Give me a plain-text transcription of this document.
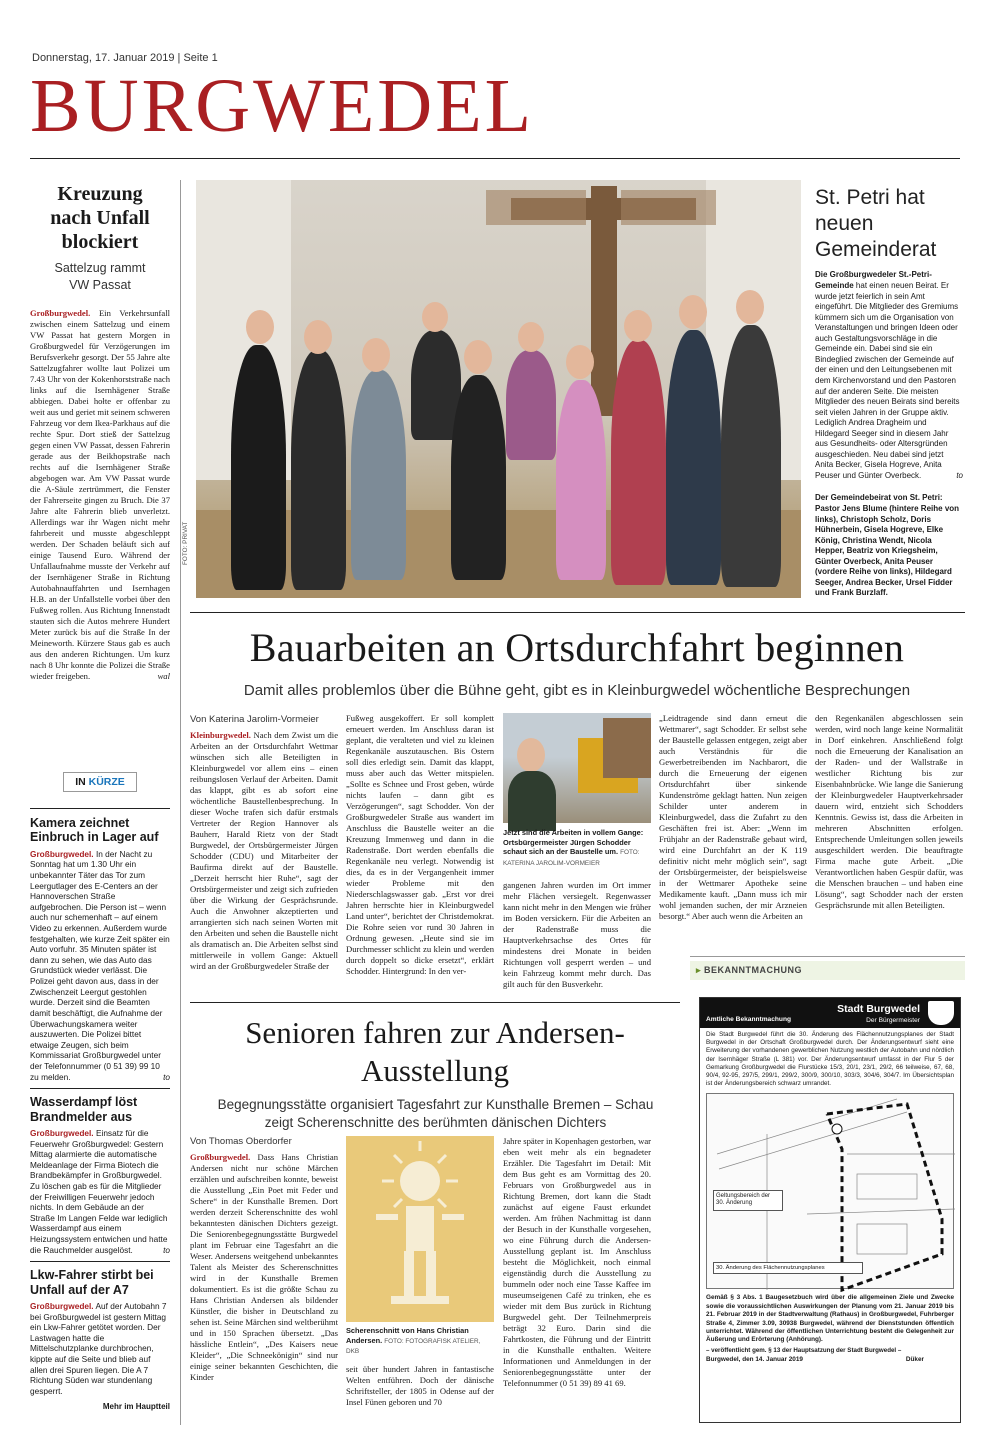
Donnerstag, 17. Januar 2019 | Seite 1
BURGWEDEL
Kreuzung nach Unfall blockiert
Sattelzug rammt VW Passat
Großburgwedel. Ein Verkehrsunfall zwischen einem Sattelzug und einem VW Passat hat gestern Morgen in Großburgwedel für Verzögerungen im Berufsverkehr gesorgt. Der 55 Jahre alte Sattelzugfahrer wollte laut Polizei um 7.43 Uhr von der Kokenhorststraße nach links auf die Isernhägener Straße abbiegen. Dabei hołte er offenbar zu weit aus und geriet mit seinem schweren Fahrzeug vor dem Ikea-Parkhaus auf die rechte Spur. Dort stieß der Sattelzug gegen einen VW Passat, dessen Fahrerin gerade aus der Beikhopstraße nach rechts auf die Isernhägener Straße abgebogen war. Am VW Passat wurde die A-Säule zertrümmert, die Fenster der Fahrerseite gingen zu Bruch. Die 37 Jahre alte Fahrerin blieb unverletzt. Allerdings war ihr Wagen nicht mehr fahrbereit und musste abgeschleppt werden. Der Schaden beläuft sich auf einige Tausend Euro. Während der Unfallaufnahme musste der Verkehr auf der Isernhägener Straße in Richtung Autobahnauffahrten und Isernhagen H.B. an der Unfallstelle vorbei über den Fußweg rollen. Aus Richtung Innenstadt stauten sich die Autos mehrere Hundert Meter zurück bis auf die Straße In der Meineworth. Kürzere Staus gab es auch aus den anderen Richtungen. Um kurz nach 8 Uhr konnte die Polizei die Straße wieder freigeben.	wal
IN KÜRZE
Kamera zeichnet Einbruch in Lager auf
Großburgwedel. In der Nacht zu Sonntag hat um 1.30 Uhr ein unbekannter Täter das Tor zum Leergutlager des E-Centers an der Hannoverschen Straße aufgebrochen. Die Person ist – wenn auch nur schemenhaft – auf einem Video zu erkennen. Außerdem wurde festgehalten, wie kurze Zeit später ein Auto vorfuhr. 35 Minuten später ist dann zu sehen, wie das Auto das Grundstück wieder verlässt. Die Polizei geht davon aus, dass in der Zwischenzeit Leergut gestohlen wurde. Derzeit sind die Beamten damit beschäftigt, die Aufnahme der Überwachungskamera weiter auszuwerten. Die Polizei bittet etwaige Zeugen, sich beim Kommissariat Großburgwedel unter der Telefonnummer (0 51 39) 99 10 zu melden.	to
Wasserdampf löst Brandmelder aus
Großburgwedel. Einsatz für die Feuerwehr Großburgwedel: Gestern Mittag alarmierte die automatische Meldeanlage der Firma Biotech die Brandbekämpfer in Großburgwedel. Zu löschen gab es für die Mitglieder der Freiwilligen Feuerwehr jedoch nichts. In dem Gebäude an der Straße Im Langen Felde war lediglich Wasserdampf aus einem Heizungssystem entwichen und hatte die Rauchmelder ausgelöst.	to
Lkw-Fahrer stirbt bei Unfall auf der A7
Großburgwedel. Auf der Autobahn 7 bei Großburgwedel ist gestern Mittag ein Lkw-Fahrer getötet worden. Der Lastwagen hatte die Mittelschutzplanke durchbrochen, kippte auf die Seite und blieb auf allen drei Spuren liegen. Die A 7 Richtung Süden war stundenlang gesperrt.
Mehr im Hauptteil
FOTO: PRIVAT
St. Petri hat neuen Gemeinderat
Die Großburgwedeler St.-Petri-Gemeinde hat einen neuen Beirat. Er wurde jetzt feierlich in sein Amt eingeführt. Die Mitglieder des Gremiums kümmern sich um die Organisation von Veranstaltungen und bringen Ideen oder auch Gestaltungsvorschläge in die Gemeinde ein. Dabei sind sie ein Bindeglied zwischen der Gemeinde auf der einen und den Leitungsebenen mit dem Kirchenvorstand und den Pastoren auf der anderen Seite. Die meisten Mitglieder des neuen Beirats sind bereits seit vielen Jahren in der Gruppe aktiv. Lediglich Andrea Dragheim und Hildegard Seeger sind in diesem Jahr aus Gesundheits- oder Altersgründen ausgeschieden. Neu dabei sind jetzt Anita Becker, Gisela Hogreve, Anita Peuser und Günter Overbeck.	to
Der Gemeindebeirat von St. Petri: Pastor Jens Blume (hintere Reihe von links), Christoph Scholz, Doris Hühnerbein, Gisela Hogreve, Elke König, Christina Wendt, Nicola Hepper, Beatriz von Kriegsheim, Günter Overbeck, Anita Peuser (vordere Reihe von links), Hildegard Seeger, Andrea Becker, Ursel Fidder und Frank Burzlaff.
Bauarbeiten an Ortsdurchfahrt beginnen
Damit alles problemlos über die Bühne geht, gibt es in Kleinburgwedel wöchentliche Besprechungen
Von Katerina Jarolim-Vormeier
Kleinburgwedel. Nach dem Zwist um die Arbeiten an der Ortsdurchfahrt Wettmar wünschen sich alle Beteiligten in Kleinburgwedel vor allem eins – einen reibungslosen Verlauf der Arbeiten. Damit das klappt, gibt es ab sofort eine wöchentliche Baustellenbesprechung. In dieser Woche trafen sich dafür erstmals Vertreter der Region Hannover als Bauherr, Harald Rietz von der Stadt Burgwedel, der Ortsbürgermeister Jürgen Schodder (CDU) und Mitarbeiter der Baufirma direkt auf der Baustelle. „Derzeit herrscht hier Ruhe“, sagt der Ortsbürgermeister und zeigt sich zufrieden über die Wirkung der Gesprächsrunde. Auch die Anwohner akzeptierten und arrangierten sich nach seinen Worten mit den Arbeiten und sehen die Baustelle nicht als dramatisch an. Die Arbeiten selbst sind mittlerweile in vollem Gange: Aktuell wird an der Großburgwedeler Straße der
Fußweg ausgekoffert. Er soll komplett erneuert werden. Im Anschluss daran ist geplant, die veralteten und viel zu kleinen Regenkanäle auszutauschen. Bis Ostern soll dies erledigt sein. Damit das klappt, muss aber auch das Wetter mitspielen. „Sollte es Schnee und Frost geben, würde nichts laufen – dann gibt es Verzögerungen“, sagt Schodder. Von der Großburgwedeler Straße aus wandert im Anschluss die Baustelle weiter an die Kreuzung Immenweg und dann in die Radenstraße. Dort werden ebenfalls die Regenkanäle neu verlegt. Notwendig ist dies, da es in der Vergangenheit immer wieder Probleme mit den Niederschlagswasser gab. „Erst vor drei Jahren herrschte hier in Kleinburgwedel Land unter“, berichtet der Christdemokrat. Die Rohre seien vor rund 30 Jahren in Ordnung gewesen. „Heute sind sie im Durchmesser schlicht zu klein und werden durch doppelt so dicke ersetzt“, erklärt Schodder. Hintergrund: In den ver-
Jetzt sind die Arbeiten in vollem Gange: Ortsbürgermeister Jürgen Schodder schaut sich an der Baustelle um. FOTO: KATERINA JAROLIM-VORMEIER
gangenen Jahren wurden im Ort immer mehr Flächen versiegelt. Regenwasser kann nicht mehr in den Mengen wie früher im Boden versickern. Für die Arbeiten an der Radenstraße muss die Hauptverkehrsachse des Ortes für mindestens drei Monate in beiden Richtungen voll gesperrt werden – und kein Fahrzeug kommt mehr durch. Das gilt auch für den Busverkehr.
„Leidtragende sind dann erneut die Wettmarer“, sagt Schodder. Er selbst sehe der Baustelle gelassen entgegen, zeigt aber auch Verständnis für die Gewerbetreibenden im Nachbarort, die durch die Erneuerung der eigenen Ortsdurchfahrt über sinkende Kundenströme geklagt hatten. Nun zeigen Schilder unter anderem in Kleinburgwedel, dass die Zufahrt zu den Geschäften frei ist. Aber: „Wenn im Frühjahr an der Radenstraße gebaut wird, wird eine Durchfahrt an der K 119 definitiv nicht mehr möglich sein“, sagt der Ortsbürgermeister, der beispielsweise in der Wettmarer Apotheke seine Medikamente kauft. „Dann muss ich mir wohl jemanden suchen, der mir Arzneien besorgt.“ Aber auch wenn die Arbeiten an
den Regenkanälen abgeschlossen sein werden, wird noch lange keine Normalität in Dorf einkehren. Anschließend folgt noch die Erneuerung der Kanalisation an der Raden- und der Wallstraße in westlicher Richtung bis zur Eisenbahnbrücke. Wie lange die Sanierung der Kleinburgwedeler Hauptverkehrsader dauern wird, entzieht sich Schodders Kenntnis. Gewiss ist, dass die Arbeiten in mehreren Abschnitten erfolgen. Entsprechende Umleitungen sollen jeweils ausgeschildert werden. Die beauftragte Firma mache gute Arbeit. „Die Verantwortlichen haben Gespür dafür, was die Menschen brauchen – und haben eine Lösung“, sagt Schodder nach der ersten Gesprächsrunde mit allen Beteiligten.
Senioren fahren zur Andersen-Ausstellung
Begegnungsstätte organisiert Tagesfahrt zur Kunsthalle Bremen – Schau zeigt Scherenschnitte des berühmten dänischen Dichters
Von Thomas Oberdorfer
Großburgwedel. Dass Hans Christian Andersen nicht nur schöne Märchen erzählen und aufschreiben konnte, beweist die Ausstellung „Ein Poet mit Feder und Schere“ in der Kunsthalle Bremen. Dort werden derzeit Scherenschnitte des wohl bekanntesten dänischen Dichters gezeigt. Die Seniorenbegegnungsstätte Burgwedel plant im Februar eine Tagesfahrt an die Weser. Andersens weitgehend unbekanntes Talent als Meister des Scherenschnittes wird in der Kunsthalle Bremen dokumentiert. Es ist die größte Schau zu Hans Christian Andersen als bildender Künstler, die bisher in Deutschland zu sehen ist. Seine Märchen sind weltberühmt und in 150 Sprachen übersetzt. „Das hässliche Entlein“, „Des Kaisers neue Kleider“, „Die Schneekönigin“ sind nur einige seiner bekannten Geschichten, die Kinder
Scherenschnitt von Hans Christian Andersen. FOTO: FOTOGRAFISK ATELIER, DKB
seit über hundert Jahren in fantastische Welten entführen. Doch der dänische Schriftsteller, der 1805 in Odense auf der Insel Fünen geboren und 70
Jahre später in Kopenhagen gestorben, war eben weit mehr als ein begnadeter Erzähler. Die Tagesfahrt im Detail: Mit dem Bus geht es am Vormittag des 20. Februars von Großburgwedel aus in Richtung Bremen, dort kann die Stadt zunächst auf eigene Faust erkundet werden. Am frühen Nachmittag ist dann der Besuch in der Kunsthalle vorgesehen, wo eine Führung durch die Andersen-Ausstellung geplant ist. Im Anschluss besteht die Möglichkeit, noch einmal eigenständig durch die Ausstellung zu bummeln oder noch eine Tasse Kaffee im museumseigenen Café zu trinken, ehe es wieder mit dem Bus zurück in Richtung Burgwedel geht. Der Teilnehmerpreis beträgt 32 Euro. Darin sind die Fahrtkosten, die Führung und der Eintritt in die Kunsthalle enthalten. Weitere Informationen und Anmeldungen in der Seniorenbegegnungsstätte unter der Telefonnummer (0 51 39) 89 41 69.
▸ BEKANNTMACHUNG
Amtliche Bekanntmachung
Stadt Burgwedel
Der Bürgermeister
Die Stadt Burgwedel führt die 30. Änderung des Flächennutzungsplanes der Stadt Burgwedel in der Ortschaft Großburgwedel durch. Der Änderungsentwurf sieht eine Erweiterung der vorhandenen gewerblichen Nutzung westlich der Autobahn und nördlich der Isernhäger Straße (L 381) vor. Der Änderungsentwurf umfasst in der Flur 5 der Gemarkung Großburgwedel die Flurstücke 15/3, 20/1, 23/1, 29/2, 66 teilweise, 67, 68, 90/4, 92-95, 297/5, 299/1, 299/2, 300/9, 300/10, 303/3, 304/6, 304/7. Im Übersichtsplan ist der Änderungsbereich schwarz umrandet.
Geltungsbereich der 30. Änderung
30. Änderung des Flächennutzungsplanes
Gemäß § 3 Abs. 1 Baugesetzbuch wird über die allgemeinen Ziele und Zwecke sowie die voraussichtlichen Auswirkungen der Planung vom 21. Januar 2019 bis 21. Februar 2019 in der Stadtverwaltung (Rathaus) in Großburgwedel, Fuhrberger Straße 4, Zimmer 3.09, 30938 Burgwedel, während der Dienststunden öffentlich unterrichtet. Während der öffentlichen Unterrichtung besteht die Gelegenheit zur Äußerung und Erörterung (Anhörung).
– veröffentlicht gem. § 13 der Hauptsatzung der Stadt Burgwedel –
Burgwedel, den 14. Januar 2019	Düker
